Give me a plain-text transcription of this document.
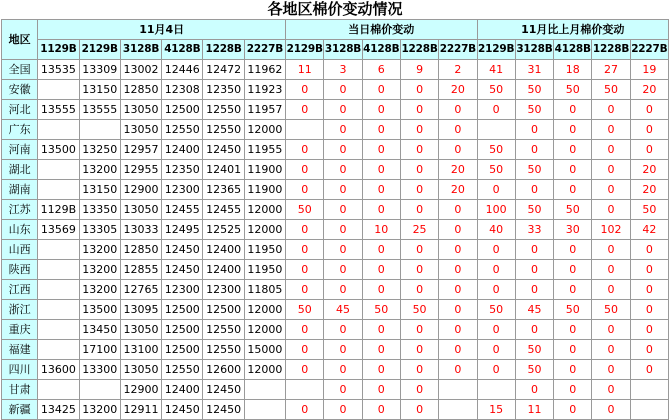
各地区棉价变动情况
地区	11月4日						当日棉价变动					11月比上月棉价变动				
	1129B	2129B	3128B	4128B	1228B	2227B	2129B	3128B	4128B	1228B	2227B	2129B	3128B	4128B	1228B	2227B
全国	13535	13309	13002	12446	12472	11962	11	3	6	9	2	41	31	18	27	19
安徽		13150	12850	12308	12350	11923	0	0	0	0	20	50	50	50	50	20
河北	13555	13555	13050	12500	12550	11957	0	0	0	0	0	0	50	0	0	0
广东			13050	12550	12550	12000		0	0	0	0		0	0	0	0
河南	13500	13250	12957	12400	12450	11955	0	0	0	0	0	50	0	0	0	0
湖北		13200	12955	12350	12401	11900	0	0	0	0	20	50	50	0	0	20
湖南		13150	12900	12300	12365	11900	0	0	0	0	20	0	0	0	0	20
江苏	1129B	13350	13050	12455	12455	12000	50	0	0	0	0	100	50	50	0	50
山东	13569	13305	13033	12495	12525	12000	0	0	10	25	0	40	33	30	102	42
山西		13200	12850	12450	12400	11950	0	0	0	0	0	0	0	0	0	0
陕西		13200	12855	12450	12400	11950	0	0	0	0	0	0	0	0	0	0
江西		13200	12765	12300	12300	11805	0	0	0	0	0	0	0	0	0	0
浙江		13500	13095	12500	12500	12000	50	45	50	50	0	50	45	50	50	0
重庆		13450	13050	12500	12550	12000	0	0	0	0	0	0	0	0	0	0
福建		17100	13100	12500	12550	15000	0	0	0	0	0	0	50	0	0	0
四川	13600	13300	13050	12550	12600	12000	0	0	0	0	0	0	50	0	0	0
甘肃			12900	12400	12450			0	0	0			0	0	0	
新疆	13425	13200	12911	12450	12450		0	0	0	0		15	11	0	0	
